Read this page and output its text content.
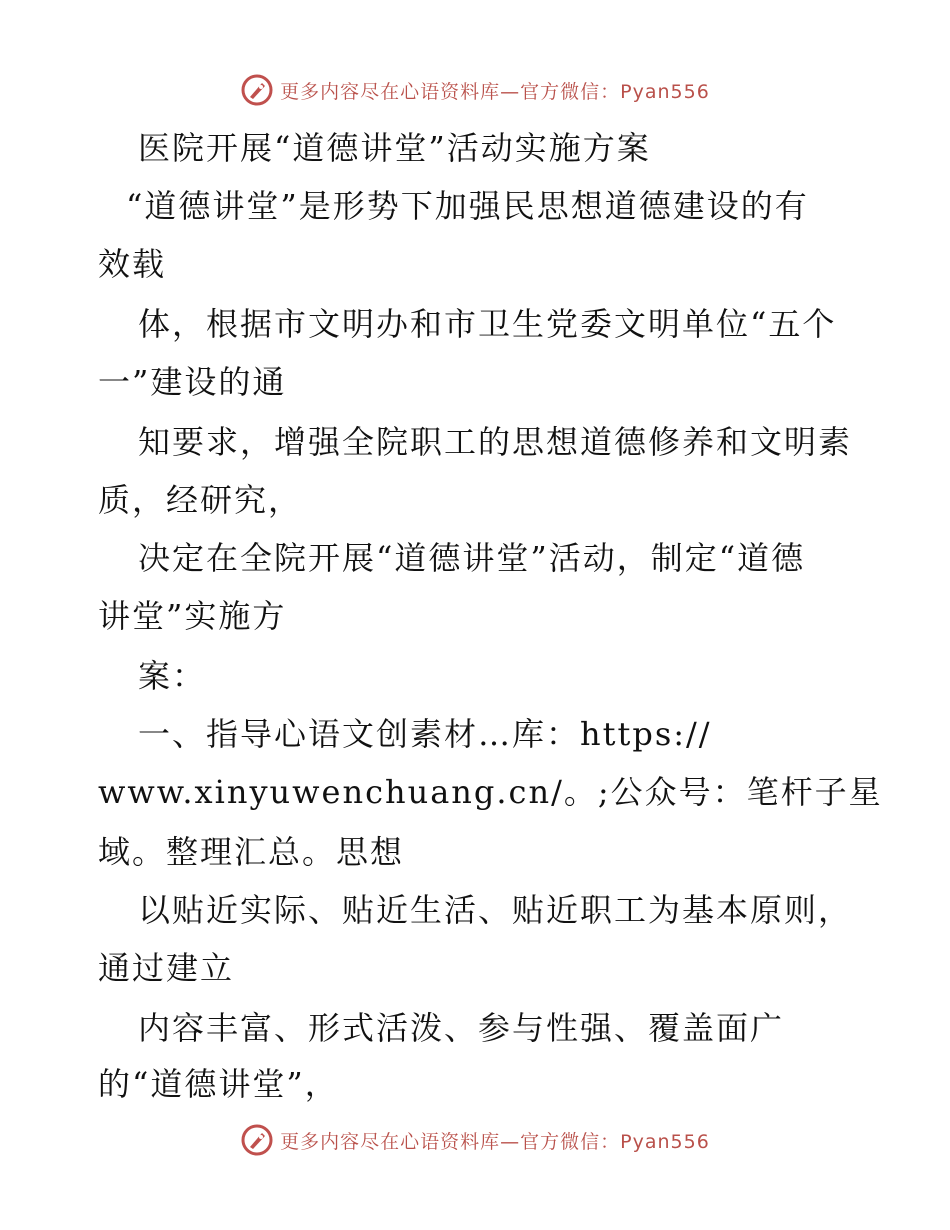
更多内容尽在心语资料库—官方微信：Pyan556
医院开展“道德讲堂”活动实施方案
“道德讲堂”是形势下加强民思想道德建设的有
效载
体，根据市文明办和市卫生党委文明单位“五个
一”建设的通
知要求，增强全院职工的思想道德修养和文明素
质，经研究，
决定在全院开展“道德讲堂”活动，制定“道德
讲堂”实施方
案：
一、指导心语文创素材…库：https://
www.xinyuwenchuang.cn/。;公众号：笔杆子星
域。整理汇总。思想
以贴近实际、贴近生活、贴近职工为基本原则，
通过建立
内容丰富、形式活泼、参与性强、覆盖面广
的“道德讲堂”，
更多内容尽在心语资料库—官方微信：Pyan556
